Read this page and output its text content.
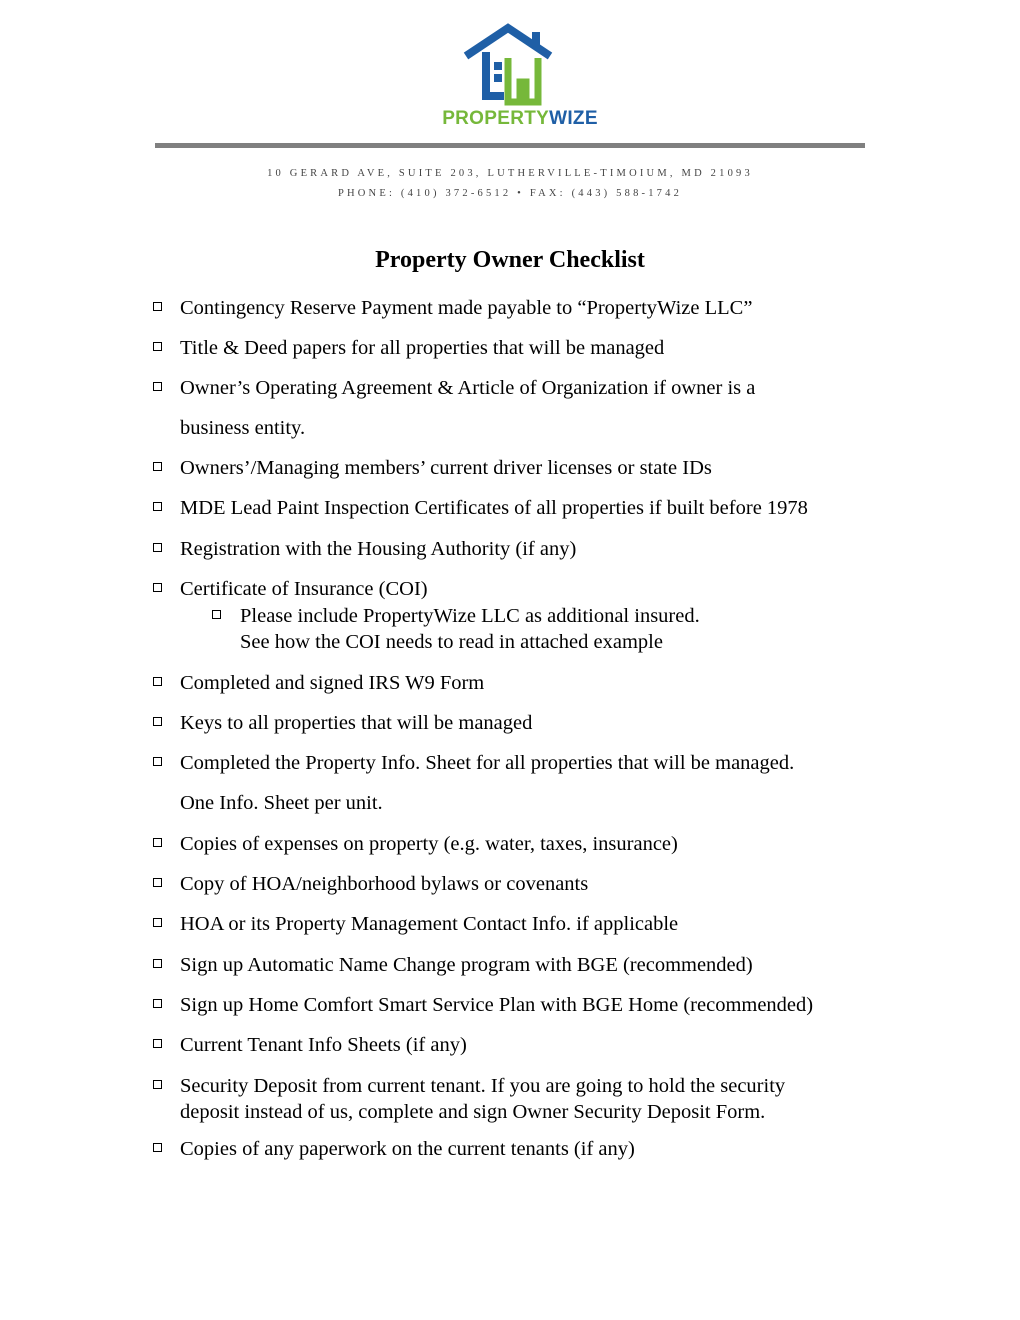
PROPERTYWIZE
10 GERARD AVE, SUITE 203, LUTHERVILLE-TIMOIUM, MD 21093
PHONE: (410) 372-6512 • FAX: (443) 588-1742
Property Owner Checklist
Contingency Reserve Payment made payable to “PropertyWize LLC”
Title & Deed papers for all properties that will be managed
Owner’s Operating Agreement & Article of Organization if owner is a
business entity.
Owners’/Managing members’ current driver licenses or state IDs
MDE Lead Paint Inspection Certificates of all properties if built before 1978
Registration with the Housing Authority (if any)
Certificate of Insurance (COI)
Please include PropertyWize LLC as additional insured.
See how the COI needs to read in attached example
Completed and signed IRS W9 Form
Keys to all properties that will be managed
Completed the Property Info. Sheet for all properties that will be managed.
One Info. Sheet per unit.
Copies of expenses on property (e.g. water, taxes, insurance)
Copy of HOA/neighborhood bylaws or covenants
HOA or its Property Management Contact Info. if applicable
Sign up Automatic Name Change program with BGE (recommended)
Sign up Home Comfort Smart Service Plan with BGE Home (recommended)
Current Tenant Info Sheets (if any)
Security Deposit from current tenant. If you are going to hold the security
deposit instead of us, complete and sign Owner Security Deposit Form.
Copies of any paperwork on the current tenants (if any)
